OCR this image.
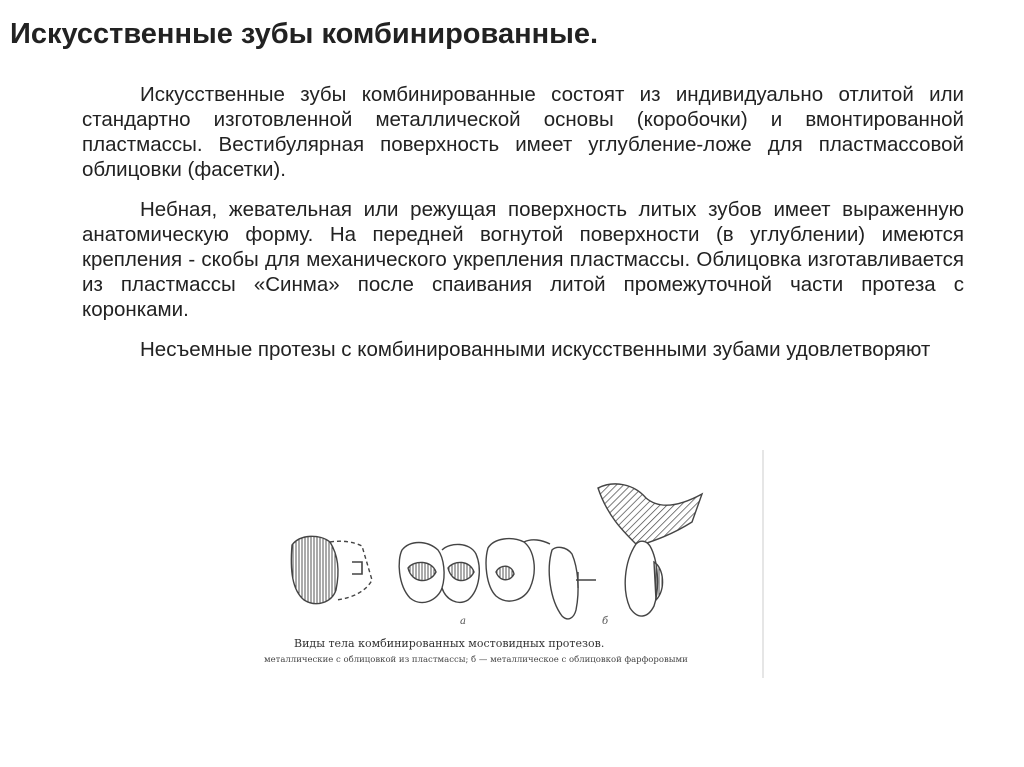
Искусственные зубы комбинированные.

Искусственные зубы комбинированные состоят из индивидуально отлитой или стандартно изготовленной металлической основы (коробочки) и вмонтированной пластмассы. Вестибулярная поверхность имеет углубление-ложе для пластмассовой облицовки (фасетки).

Небная, жевательная или режущая поверхность литых зубов имеет выраженную анатомическую форму. На передней вогнутой поверхности (в углублении) имеются крепления - скобы для механического укрепления пластмассы. Облицовка изготавливается из пластмассы «Синма» после спаивания литой промежуточной части протеза с коронками.

Несъемные протезы с комбинированными искусственными зубами удовлетворяют

а	б
Виды тела комбинированных мостовидных протезов.
металлические с облицовкой из пластмассы; б — металлическое с облицовкой фарфоровыми
